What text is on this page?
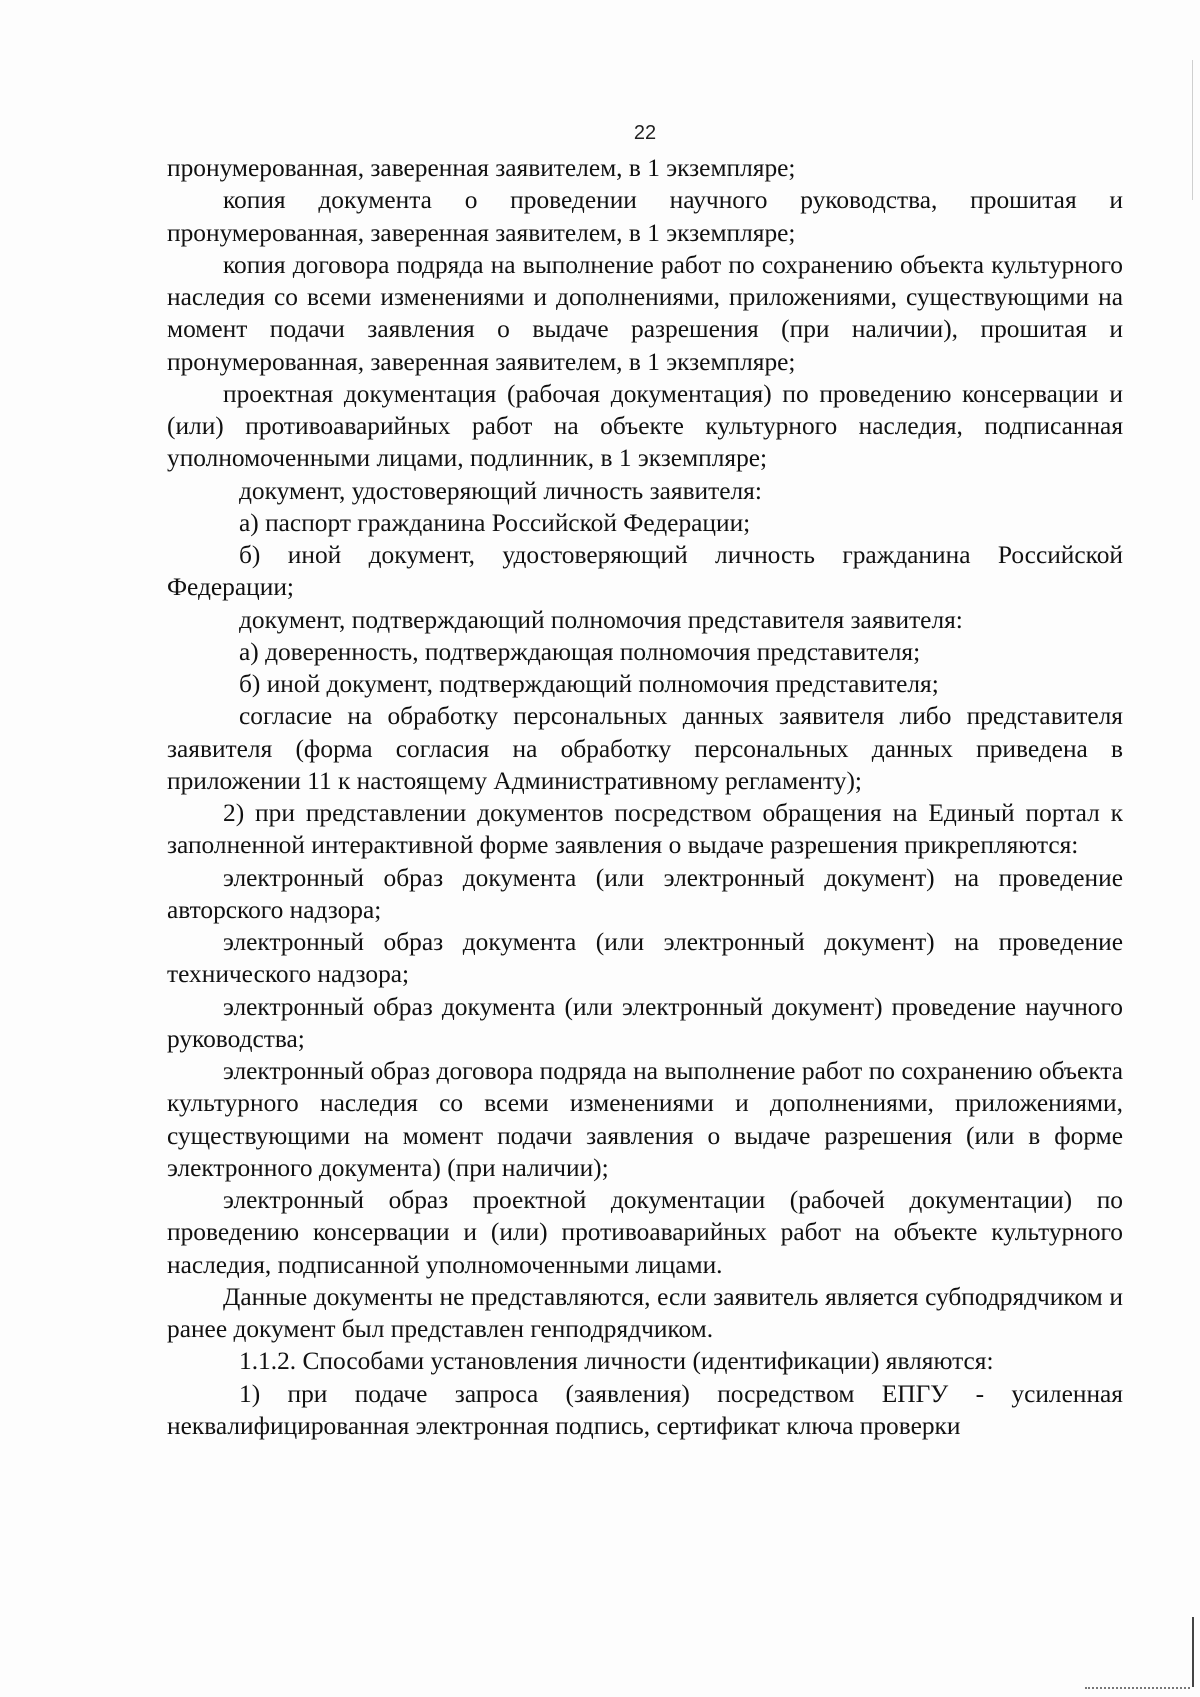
22

пронумерованная, заверенная заявителем, в 1 экземпляре;

копия документа о проведении научного руководства, прошитая и пронумерованная, заверенная заявителем, в 1 экземпляре;

копия договора подряда на выполнение работ по сохранению объекта культурного наследия со всеми изменениями и дополнениями, приложениями, существующими на момент подачи заявления о выдаче разрешения (при наличии), прошитая и пронумерованная, заверенная заявителем, в 1 экземпляре;

проектная документация (рабочая документация) по проведению консервации и (или) противоаварийных работ на объекте культурного наследия, подписанная уполномоченными лицами, подлинник, в 1 экземпляре;

документ, удостоверяющий личность заявителя:

а) паспорт гражданина Российской Федерации;

б) иной документ, удостоверяющий личность гражданина Российской Федерации;

документ, подтверждающий полномочия представителя заявителя:

а) доверенность, подтверждающая полномочия представителя;

б) иной документ, подтверждающий полномочия представителя;

согласие на обработку персональных данных заявителя либо представителя заявителя (форма согласия на обработку персональных данных приведена в приложении 11 к настоящему Административному регламенту);

2) при представлении документов посредством обращения на Единый портал к заполненной интерактивной форме заявления о выдаче разрешения прикрепляются:

электронный образ документа (или электронный документ) на проведение авторского надзора;

электронный образ документа (или электронный документ) на проведение технического надзора;

электронный образ документа (или электронный документ) проведение научного руководства;

электронный образ договора подряда на выполнение работ по сохранению объекта культурного наследия со всеми изменениями и дополнениями, приложениями, существующими на момент подачи заявления о выдаче разрешения (или в форме электронного документа) (при наличии);

электронный образ проектной документации (рабочей документации) по проведению консервации и (или) противоаварийных работ на объекте культурного наследия, подписанной уполномоченными лицами.

Данные документы не представляются, если заявитель является субподрядчиком и ранее документ был представлен генподрядчиком.

1.1.2. Способами установления личности (идентификации) являются:

1) при подаче запроса (заявления) посредством ЕПГУ - усиленная неквалифицированная электронная подпись, сертификат ключа проверки
